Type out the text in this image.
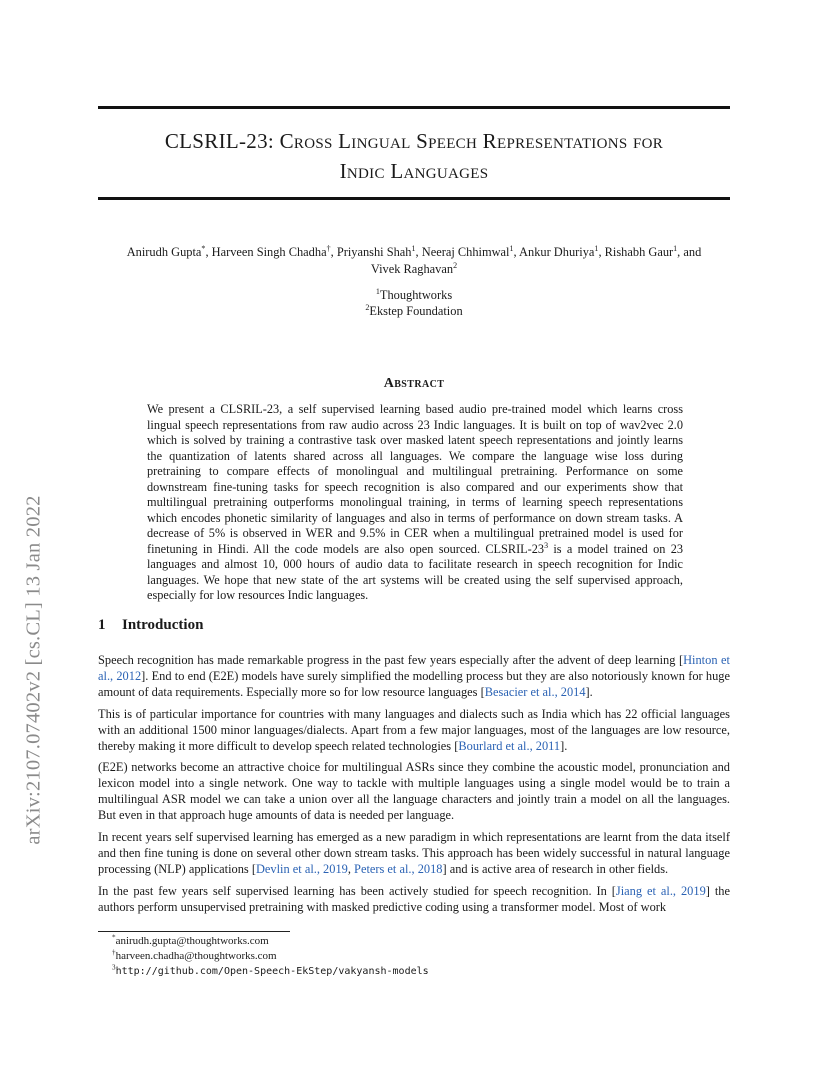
arXiv:2107.07402v2 [cs.CL] 13 Jan 2022
CLSRIL-23: Cross Lingual Speech Representations for
Indic Languages
Anirudh Gupta*, Harveen Singh Chadha†, Priyanshi Shah$^1$, Neeraj Chhimwal$^1$, Ankur Dhuriya$^1$, Rishabh Gaur$^1$, and
Vivek Raghavan$^2$
$^1$Thoughtworks
$^2$Ekstep Foundation
Abstract
We present a CLSRIL-23, a self supervised learning based audio pre-trained model which learns cross lingual speech representations from raw audio across 23 Indic languages. It is built on top of wav2vec 2.0 which is solved by training a contrastive task over masked latent speech representations and jointly learns the quantization of latents shared across all languages. We compare the language wise loss during pretraining to compare effects of monolingual and multilingual pretraining. Performance on some downstream fine-tuning tasks for speech recognition is also compared and our experiments show that multilingual pretraining outperforms monolingual training, in terms of learning speech representations which encodes phonetic similarity of languages and also in terms of performance on down stream tasks. A decrease of 5% is observed in WER and 9.5% in CER when a multilingual pretrained model is used for finetuning in Hindi. All the code models are also open sourced. CLSRIL-$23^3$ is a model trained on 23 languages and almost 10, 000 hours of audio data to facilitate research in speech recognition for Indic languages. We hope that new state of the art systems will be created using the self supervised approach, especially for low resources Indic languages.
1 Introduction

Speech recognition has made remarkable progress in the past few years especially after the advent of deep learning [Hinton et al., 2012]. End to end (E2E) models have surely simplified the modelling process but they are also notoriously known for huge amount of data requirements. Especially more so for low resource languages [Besacier et al., 2014].

This is of particular importance for countries with many languages and dialects such as India which has 22 official languages with an additional 1500 minor languages/dialects. Apart from a few major languages, most of the languages are low resource, thereby making it more difficult to develop speech related technologies [Bourlard et al., 2011].

(E2E) networks become an attractive choice for multilingual ASRs since they combine the acoustic model, pronunciation and lexicon model into a single network. One way to tackle with multiple languages using a single model would be to train a multilingual ASR model we can take a union over all the language characters and jointly train a model on all the languages. But even in that approach huge amounts of data is needed per language.

In recent years self supervised learning has emerged as a new paradigm in which representations are learnt from the data itself and then fine tuning is done on several other down stream tasks. This approach has been widely successful in natural language processing (NLP) applications [Devlin et al., 2019, Peters et al., 2018] and is active area of research in other fields.

In the past few years self supervised learning has been actively studied for speech recognition. In [Jiang et al., 2019] the authors perform unsupervised pretraining with masked predictive coding using a transformer model. Most of work

*anirudh.gupta@thoughtworks.com
†harveen.chadha@thoughtworks.com
$^3$http://github.com/Open-Speech-EkStep/vakyansh-models
